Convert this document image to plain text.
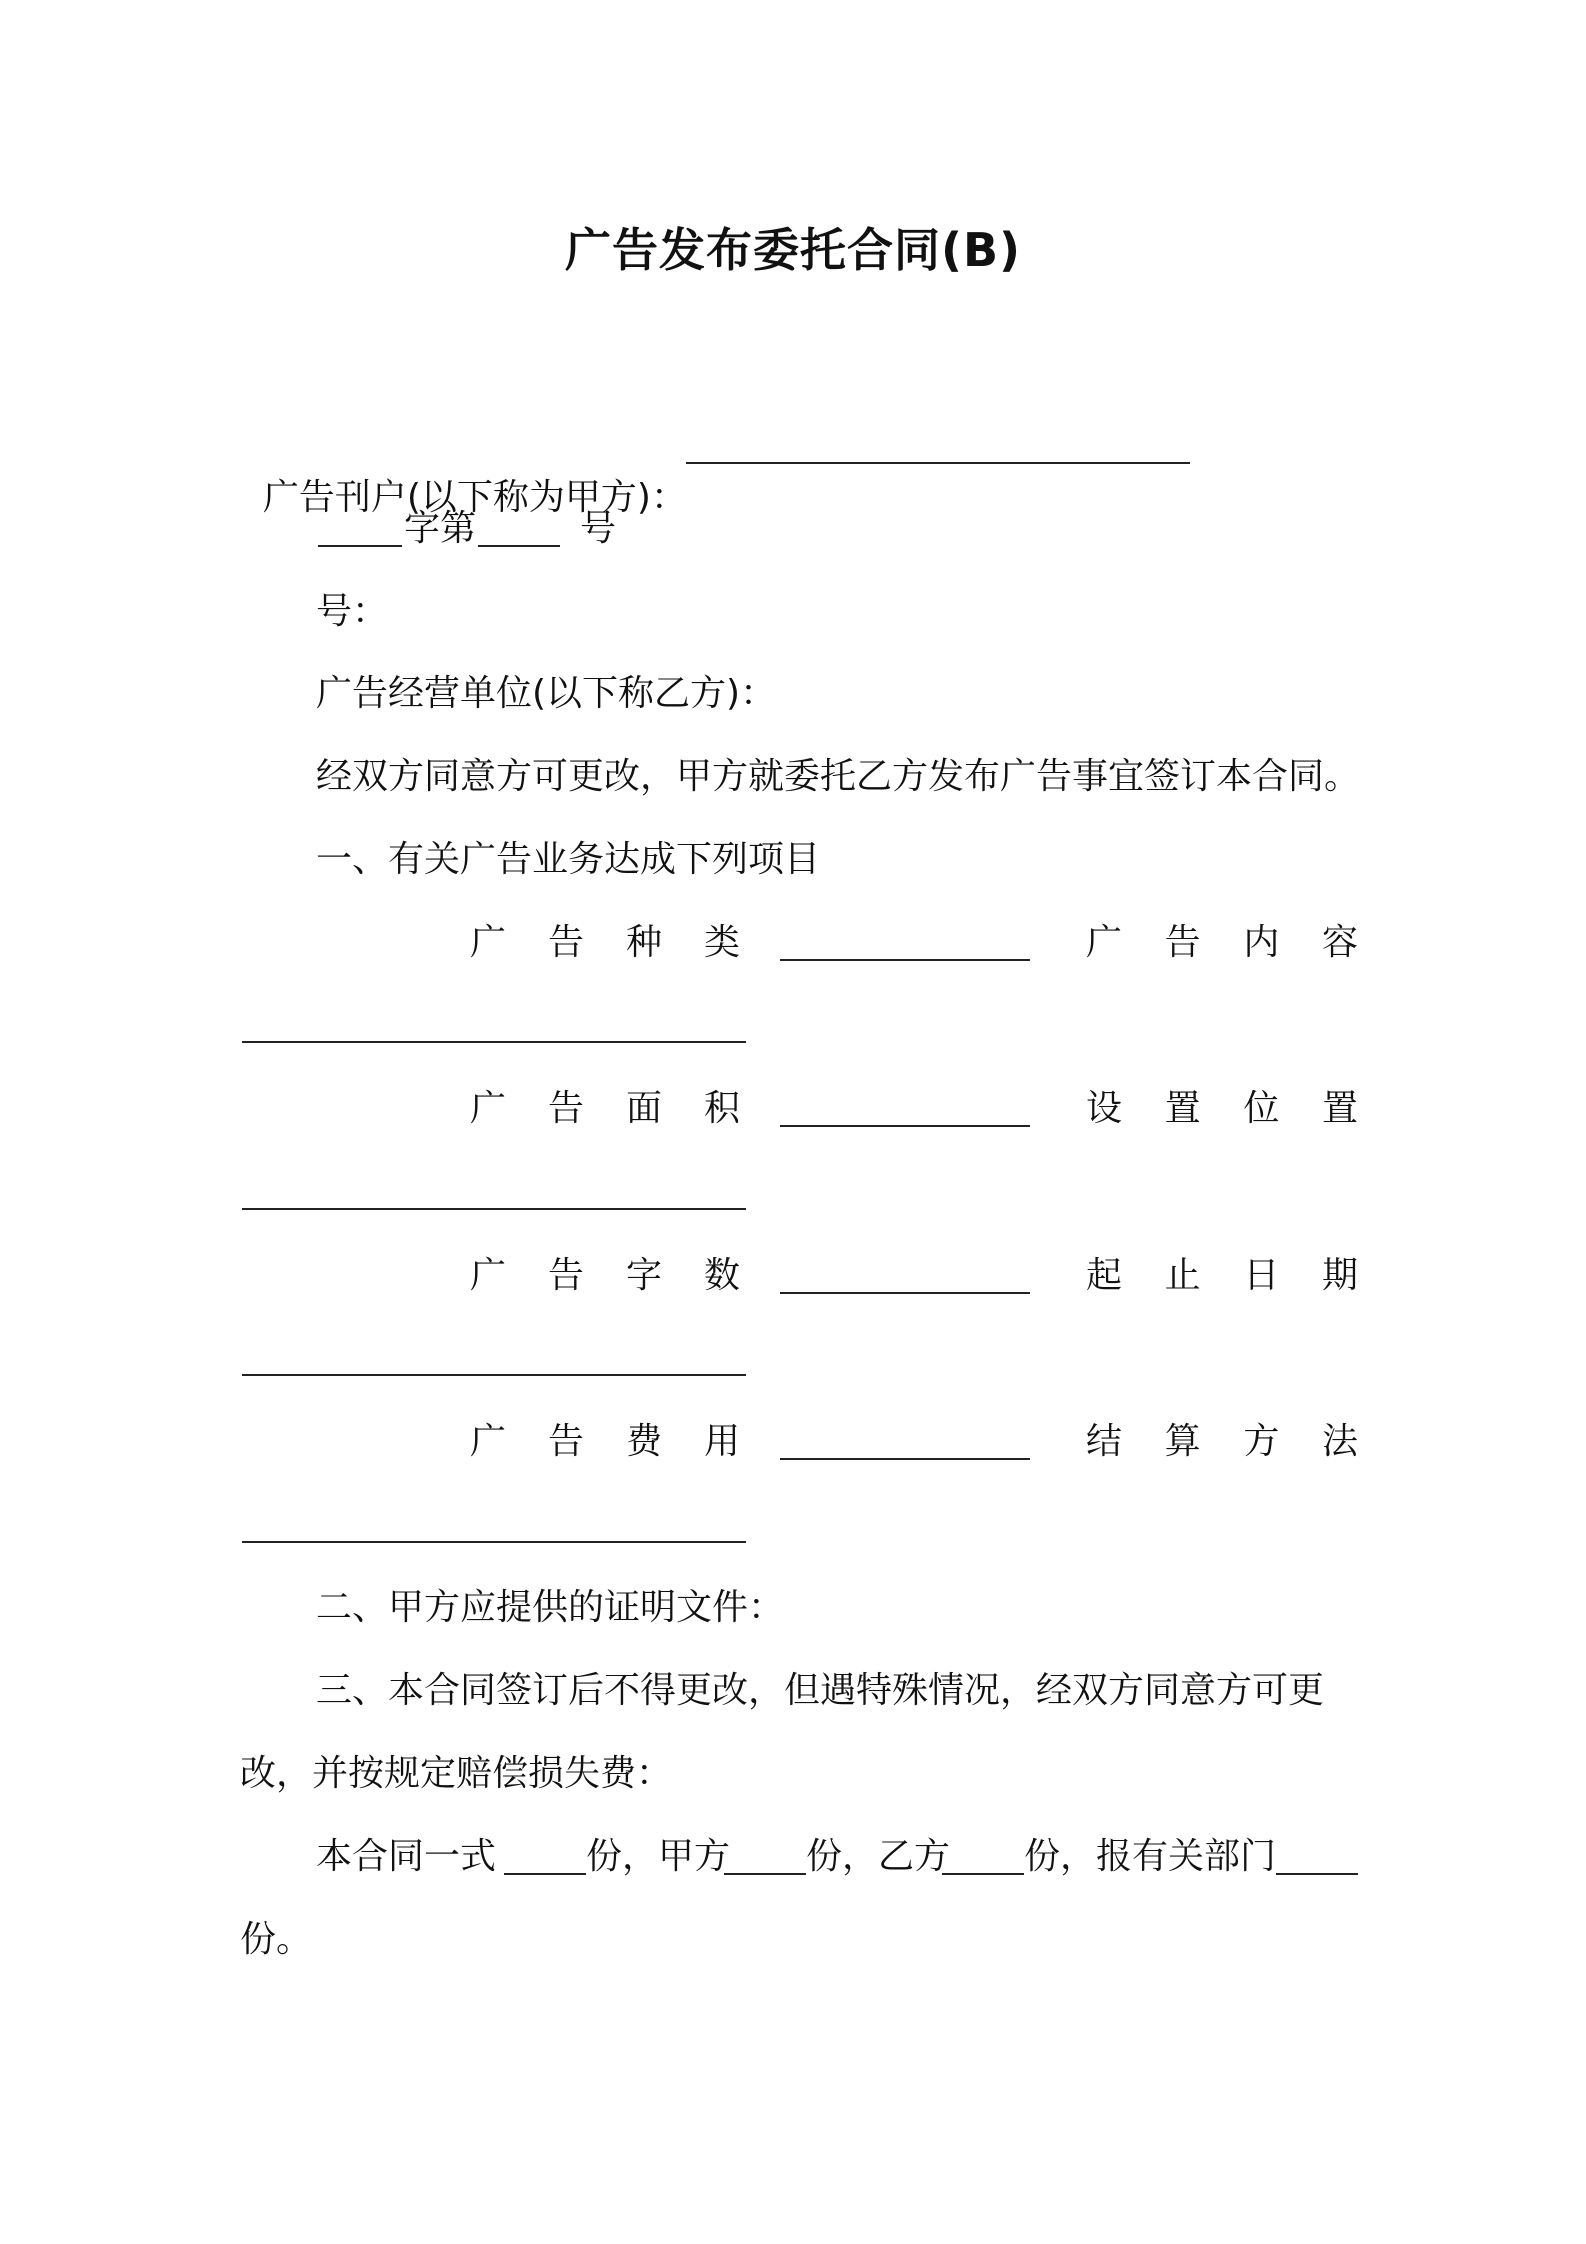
广告发布委托合同(B)

广告刊户(以下称为甲方)：

字第	号
号：
广告经营单位(以下称乙方)：
经双方同意方可更改，甲方就委托乙方发布广告事宜签订本合同。
一、有关广告业务达成下列项目
广 告 种 类	广 告 内 容
广 告 面 积	设 置 位 置
广 告 字 数	起 止 日 期
广 告 费 用	结 算 方 法
二、甲方应提供的证明文件：
三、本合同签订后不得更改，但遇特殊情况，经双方同意方可更
改，并按规定赔偿损失费：
本合同一式	份，甲方	份，乙方	份，报有关部门
份。
